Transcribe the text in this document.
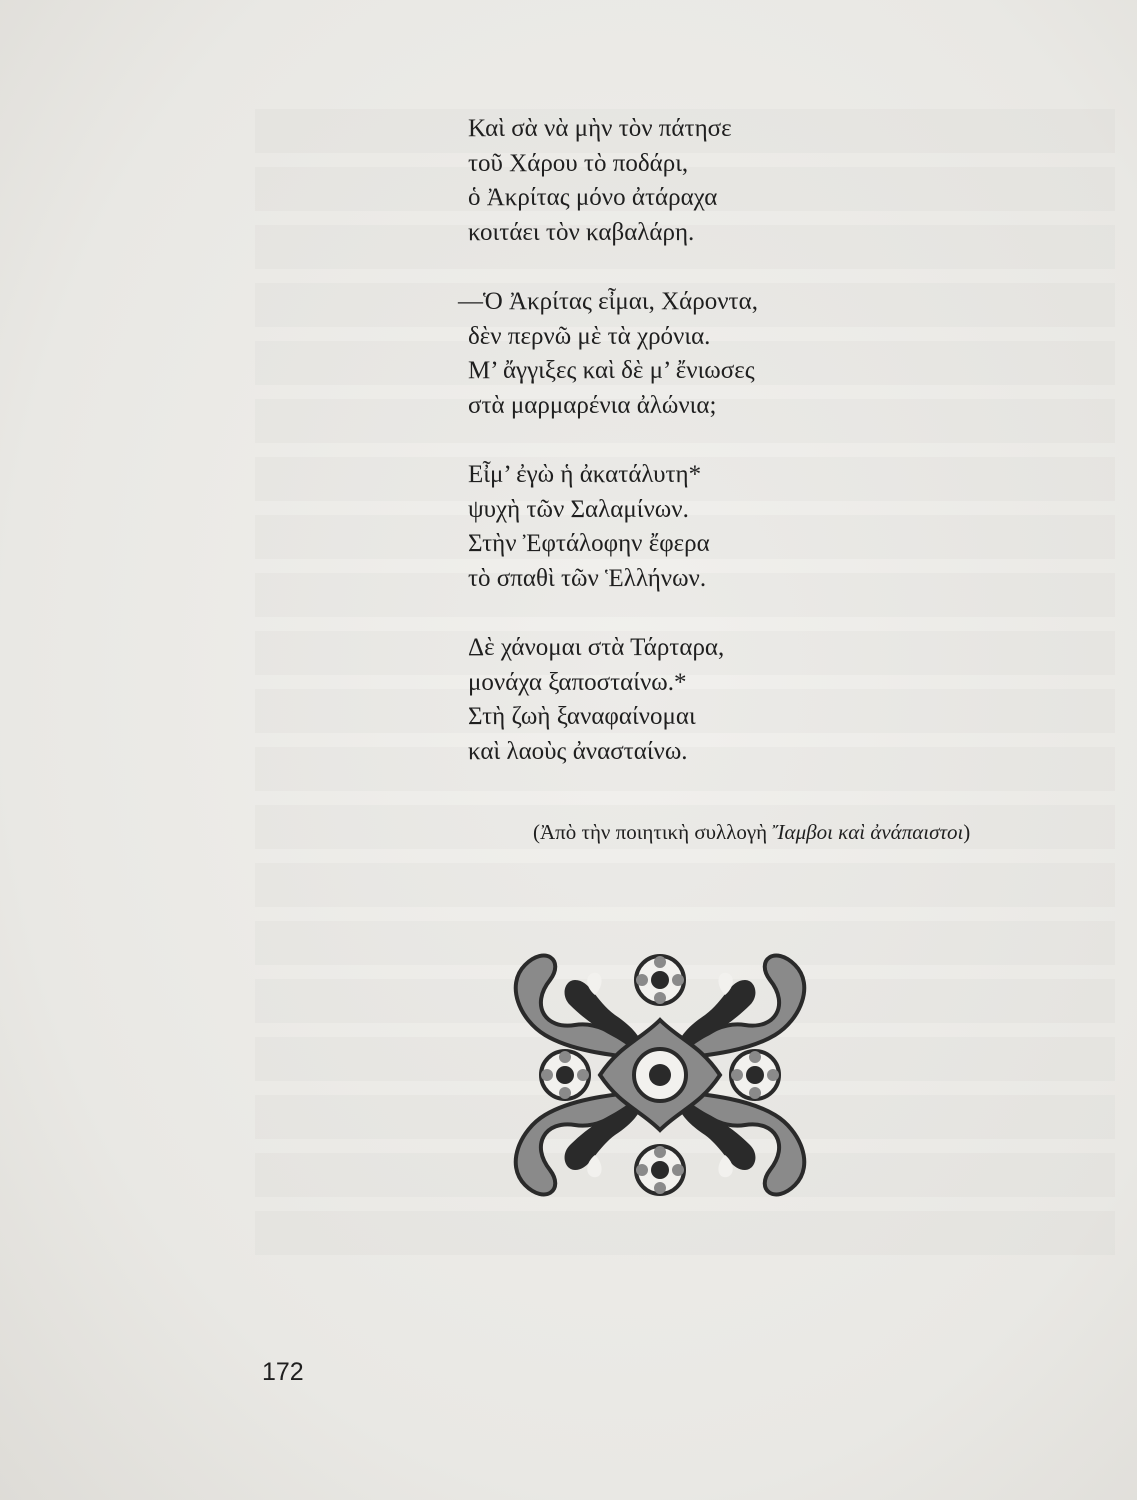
Καὶ σὰ νὰ μὴν τὸν πάτησε
τοῦ Χάρου τὸ ποδάρι,
ὁ Ἀκρίτας μόνο ἀτάραχα
κοιτάει τὸν καβαλάρη.
—Ὁ Ἀκρίτας εἶμαι, Χάροντα,
δὲν περνῶ μὲ τὰ χρόνια.
Μ’ ἄγγιξες καὶ δὲ μ’ ἔνιωσες
στὰ μαρμαρένια ἀλώνια;
Εἶμ’ ἐγὼ ἡ ἀκατάλυτη*
ψυχὴ τῶν Σαλαμίνων.
Στὴν Ἐφτάλοφην ἔφερα
τὸ σπαθὶ τῶν Ἑλλήνων.
Δὲ χάνομαι στὰ Τάρταρα,
μονάχα ξαποσταίνω.*
Στὴ ζωὴ ξαναφαίνομαι
καὶ λαοὺς ἀνασταίνω.
(Ἀπὸ τὴν ποιητικὴ συλλογὴ Ἴαμβοι καὶ ἀνάπαιστοι)
172
